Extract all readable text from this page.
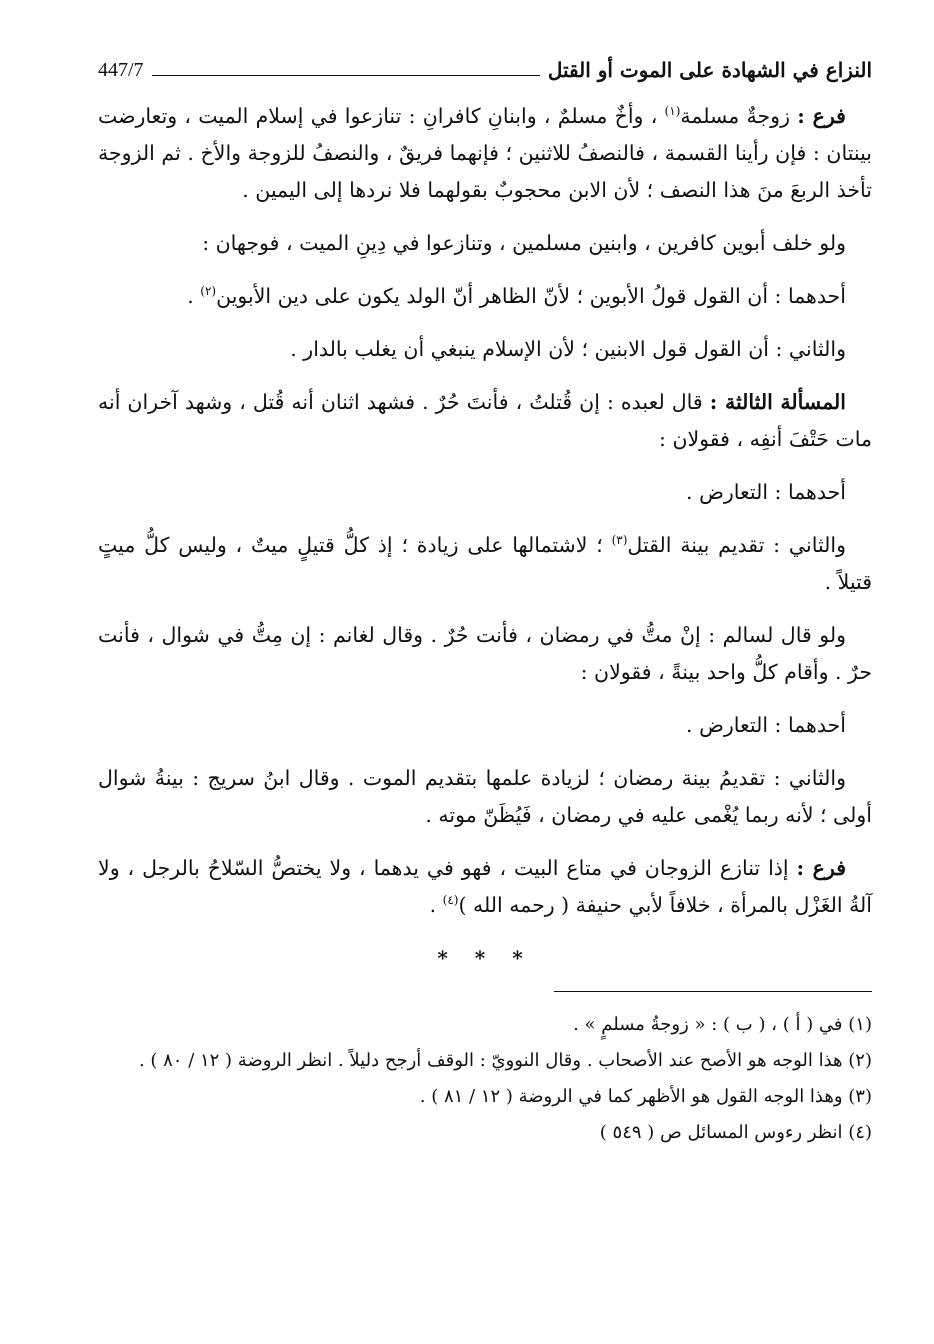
النزاع في الشهادة على الموت أو القتل
447/7

فرع : زوجةٌ مسلمة$^{(١)}$ ، وأخٌ مسلمٌ ، وابنانِ كافرانِ : تنازعوا في إسلام الميت ، وتعارضت بينتان : فإن رأينا القسمة ، فالنصفُ للاثنين ؛ فإنهما فريقٌ ، والنصفُ للزوجة والأخ . ثم الزوجة تأخذ الربعَ منَ هذا النصف ؛ لأن الابن محجوبٌ بقولهما فلا نردها إلى اليمين .

ولو خلف أبوين كافرين ، وابنين مسلمين ، وتنازعوا في دِينِ الميت ، فوجهان :

أحدهما : أن القول قولُ الأبوين ؛ لأنّ الظاهر أنّ الولد يكون على دين الأبوين$^{(٢)}$ .

والثاني : أن القول قول الابنين ؛ لأن الإسلام ينبغي أن يغلب بالدار .

المسألة الثالثة : قال لعبده : إن قُتلتُ ، فأنتَ حُرٌ . فشهد اثنان أنه قُتل ، وشهد آخران أنه مات حَتْفَ أنفِه ، فقولان :

أحدهما : التعارض .

والثاني : تقديم بينة القتل$^{(٣)}$ ؛ لاشتمالها على زيادة ؛ إذ كلُّ قتيلٍ ميتٌ ، وليس كلُّ ميتٍ قتيلاً .

ولو قال لسالم : إنْ متُّ في رمضان ، فأنت حُرٌ . وقال لغانم : إن مِتُّ في شوال ، فأنت حرٌ . وأقام كلُّ واحد بينةً ، فقولان :

أحدهما : التعارض .

والثاني : تقديمُ بينة رمضان ؛ لزيادة علمها بتقديم الموت . وقال ابنُ سريج : بينةُ شوال أولى ؛ لأنه ربما يُغْمى عليه في رمضان ، فَيُظَنّ موته .

فرع : إذا تنازع الزوجان في متاع البيت ، فهو في يدهما ، ولا يختصُّ السّلاحُ بالرجل ، ولا آلةُ الغَزْل بالمرأة ، خلافاً لأبي حنيفة ( رحمه الله )$^{(٤)}$ .

* * *

(١) في ( أ ) ، ( ب ) : « زوجةُ مسلمٍ » .

(٢) هذا الوجه هو الأصح عند الأصحاب . وقال النوويّ : الوقف أرجح دليلاً . انظر الروضة ( ١٢ / ٨٠ ) .

(٣) وهذا الوجه القول هو الأظهر كما في الروضة ( ١٢ / ٨١ ) .

(٤) انظر رءوس المسائل ص ( ٥٤٩ )
